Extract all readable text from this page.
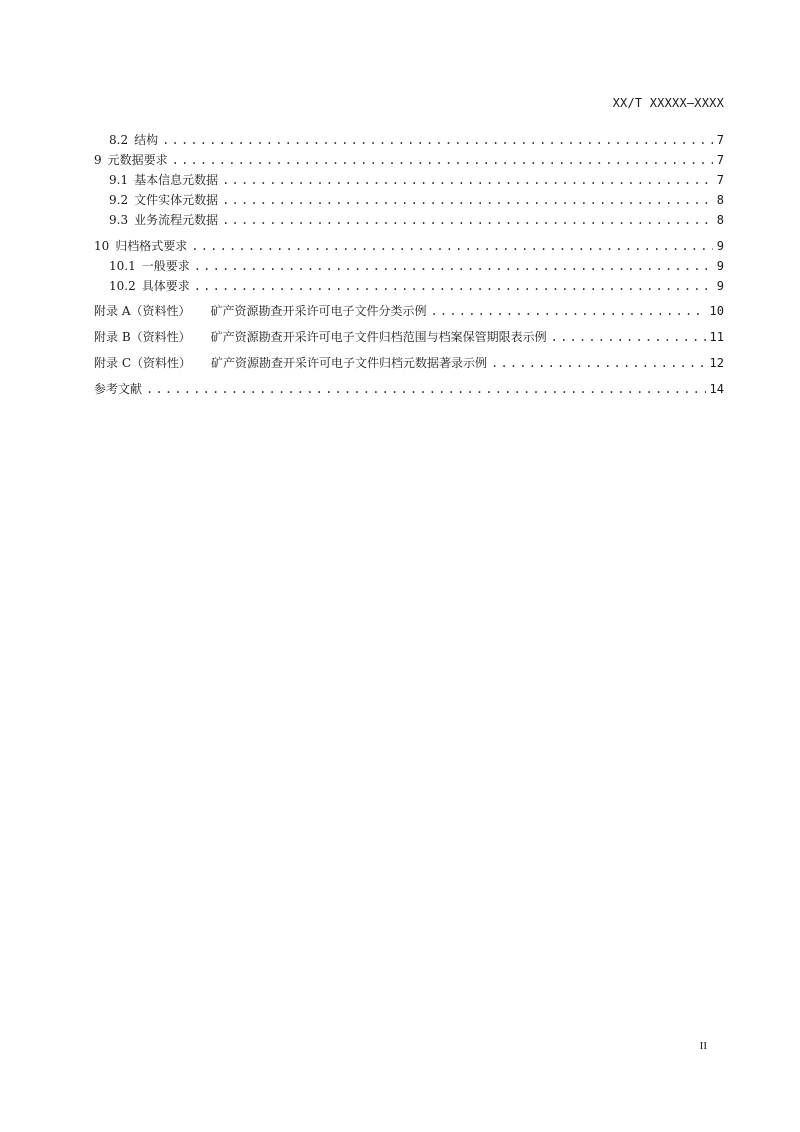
XX/T XXXXX—XXXX
8.2 结构 .....	7
9 元数据要求 .....	7
9.1 基本信息元数据 .....	7
9.2 文件实体元数据 .....	8
9.3 业务流程元数据 .....	8
10 归档格式要求 .....	9
10.1 一般要求 .....	9
10.2 具体要求 .....	9
附录 A（资料性） 矿产资源勘查开采许可电子文件分类示例 .....	10
附录 B（资料性） 矿产资源勘查开采许可电子文件归档范围与档案保管期限表示例 .....	11
附录 C（资料性） 矿产资源勘查开采许可电子文件归档元数据著录示例 .....	12
参考文献 .....	14
II
